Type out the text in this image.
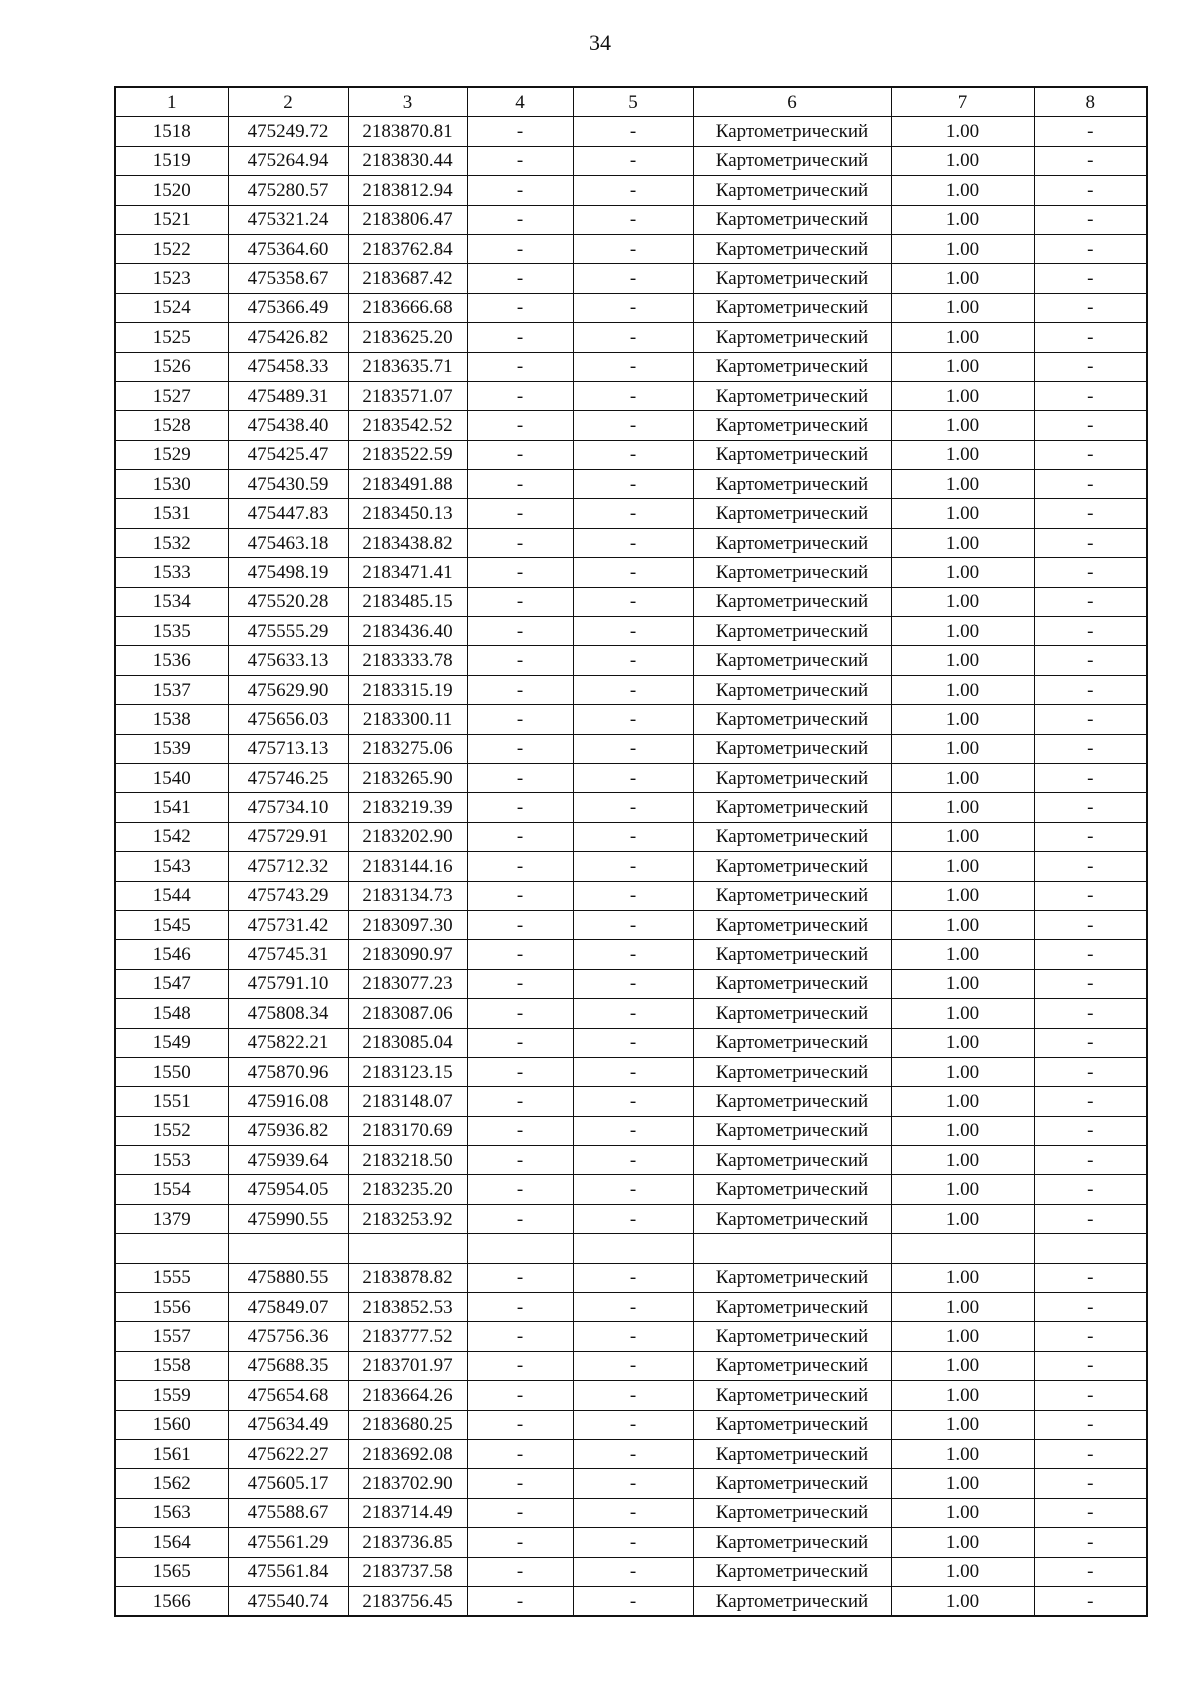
34
1	2	3	4	5	6	7	8
1518	475249.72	2183870.81	-	-	Картометрический	1.00	-
1519	475264.94	2183830.44	-	-	Картометрический	1.00	-
1520	475280.57	2183812.94	-	-	Картометрический	1.00	-
1521	475321.24	2183806.47	-	-	Картометрический	1.00	-
1522	475364.60	2183762.84	-	-	Картометрический	1.00	-
1523	475358.67	2183687.42	-	-	Картометрический	1.00	-
1524	475366.49	2183666.68	-	-	Картометрический	1.00	-
1525	475426.82	2183625.20	-	-	Картометрический	1.00	-
1526	475458.33	2183635.71	-	-	Картометрический	1.00	-
1527	475489.31	2183571.07	-	-	Картометрический	1.00	-
1528	475438.40	2183542.52	-	-	Картометрический	1.00	-
1529	475425.47	2183522.59	-	-	Картометрический	1.00	-
1530	475430.59	2183491.88	-	-	Картометрический	1.00	-
1531	475447.83	2183450.13	-	-	Картометрический	1.00	-
1532	475463.18	2183438.82	-	-	Картометрический	1.00	-
1533	475498.19	2183471.41	-	-	Картометрический	1.00	-
1534	475520.28	2183485.15	-	-	Картометрический	1.00	-
1535	475555.29	2183436.40	-	-	Картометрический	1.00	-
1536	475633.13	2183333.78	-	-	Картометрический	1.00	-
1537	475629.90	2183315.19	-	-	Картометрический	1.00	-
1538	475656.03	2183300.11	-	-	Картометрический	1.00	-
1539	475713.13	2183275.06	-	-	Картометрический	1.00	-
1540	475746.25	2183265.90	-	-	Картометрический	1.00	-
1541	475734.10	2183219.39	-	-	Картометрический	1.00	-
1542	475729.91	2183202.90	-	-	Картометрический	1.00	-
1543	475712.32	2183144.16	-	-	Картометрический	1.00	-
1544	475743.29	2183134.73	-	-	Картометрический	1.00	-
1545	475731.42	2183097.30	-	-	Картометрический	1.00	-
1546	475745.31	2183090.97	-	-	Картометрический	1.00	-
1547	475791.10	2183077.23	-	-	Картометрический	1.00	-
1548	475808.34	2183087.06	-	-	Картометрический	1.00	-
1549	475822.21	2183085.04	-	-	Картометрический	1.00	-
1550	475870.96	2183123.15	-	-	Картометрический	1.00	-
1551	475916.08	2183148.07	-	-	Картометрический	1.00	-
1552	475936.82	2183170.69	-	-	Картометрический	1.00	-
1553	475939.64	2183218.50	-	-	Картометрический	1.00	-
1554	475954.05	2183235.20	-	-	Картометрический	1.00	-
1379	475990.55	2183253.92	-	-	Картометрический	1.00	-

1555	475880.55	2183878.82	-	-	Картометрический	1.00	-
1556	475849.07	2183852.53	-	-	Картометрический	1.00	-
1557	475756.36	2183777.52	-	-	Картометрический	1.00	-
1558	475688.35	2183701.97	-	-	Картометрический	1.00	-
1559	475654.68	2183664.26	-	-	Картометрический	1.00	-
1560	475634.49	2183680.25	-	-	Картометрический	1.00	-
1561	475622.27	2183692.08	-	-	Картометрический	1.00	-
1562	475605.17	2183702.90	-	-	Картометрический	1.00	-
1563	475588.67	2183714.49	-	-	Картометрический	1.00	-
1564	475561.29	2183736.85	-	-	Картометрический	1.00	-
1565	475561.84	2183737.58	-	-	Картометрический	1.00	-
1566	475540.74	2183756.45	-	-	Картометрический	1.00	-
